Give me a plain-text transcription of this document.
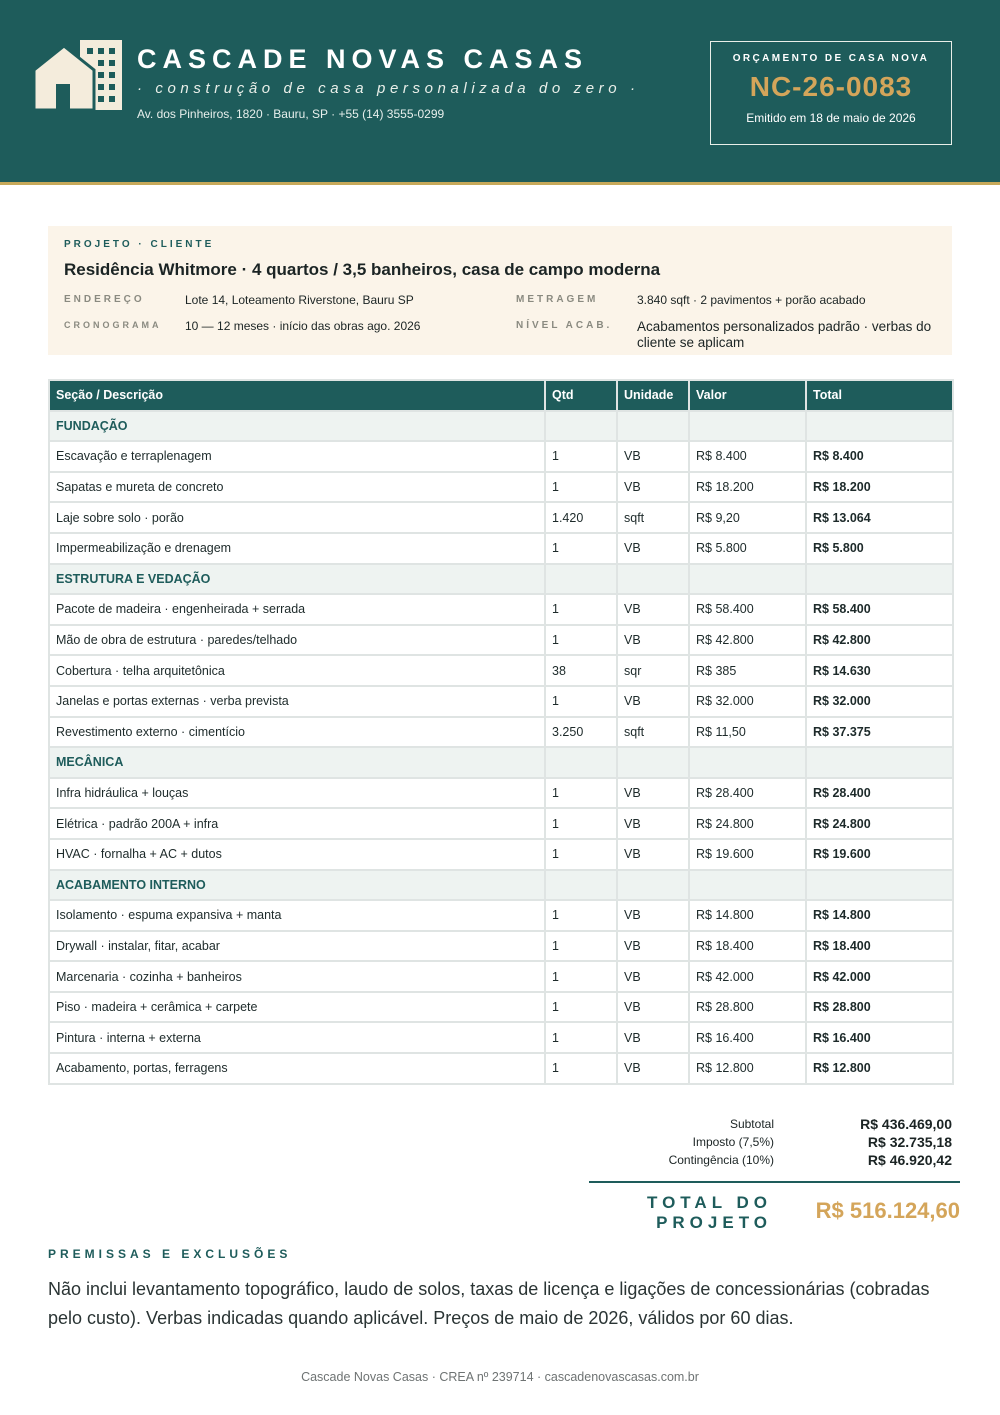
CASCADE NOVAS CASAS
· construção de casa personalizada do zero ·
Av. dos Pinheiros, 1820 · Bauru, SP · +55 (14) 3555-0299
ORÇAMENTO DE CASA NOVA
NC-26-0083
Emitido em 18 de maio de 2026
PROJETO · CLIENTE
Residência Whitmore · 4 quartos / 3,5 banheiros, casa de campo moderna
ENDEREÇO	Lote 14, Loteamento Riverstone, Bauru SP
CRONOGRAMA 10 — 12 meses · início das obras ago. 2026
METRAGEM	3.840 sqft · 2 pavimentos + porão acabado
NÍVEL ACAB. Acabamentos personalizados padrão · verbas do cliente se aplicam
Seção / Descrição	Qtd	Unidade	Valor	Total
FUNDAÇÃO				
Escavação e terraplenagem	1	VB	R$ 8.400	R$ 8.400
Sapatas e mureta de concreto	1	VB	R$ 18.200	R$ 18.200
Laje sobre solo · porão	1.420	sqft	R$ 9,20	R$ 13.064
Impermeabilização e drenagem	1	VB	R$ 5.800	R$ 5.800
ESTRUTURA E VEDAÇÃO				
Pacote de madeira · engenheirada + serrada	1	VB	R$ 58.400	R$ 58.400
Mão de obra de estrutura · paredes/telhado	1	VB	R$ 42.800	R$ 42.800
Cobertura · telha arquitetônica	38	sqr	R$ 385	R$ 14.630
Janelas e portas externas · verba prevista	1	VB	R$ 32.000	R$ 32.000
Revestimento externo · cimentício	3.250	sqft	R$ 11,50	R$ 37.375
MECÂNICA				
Infra hidráulica + louças	1	VB	R$ 28.400	R$ 28.400
Elétrica · padrão 200A + infra	1	VB	R$ 24.800	R$ 24.800
HVAC · fornalha + AC + dutos	1	VB	R$ 19.600	R$ 19.600
ACABAMENTO INTERNO				
Isolamento · espuma expansiva + manta	1	VB	R$ 14.800	R$ 14.800
Drywall · instalar, fitar, acabar	1	VB	R$ 18.400	R$ 18.400
Marcenaria · cozinha + banheiros	1	VB	R$ 42.000	R$ 42.000
Piso · madeira + cerâmica + carpete	1	VB	R$ 28.800	R$ 28.800
Pintura · interna + externa	1	VB	R$ 16.400	R$ 16.400
Acabamento, portas, ferragens	1	VB	R$ 12.800	R$ 12.800
Subtotal	R$ 436.469,00
Imposto (7,5%)	R$ 32.735,18
Contingência (10%)	R$ 46.920,42
TOTAL DO PROJETO R$ 516.124,60
PREMISSAS E EXCLUSÕES
Não inclui levantamento topográfico, laudo de solos, taxas de licença e ligações de concessionárias (cobradas pelo custo). Verbas indicadas quando aplicável. Preços de maio de 2026, válidos por 60 dias.
Cascade Novas Casas · CREA nº 239714 · cascadenovascasas.com.br
